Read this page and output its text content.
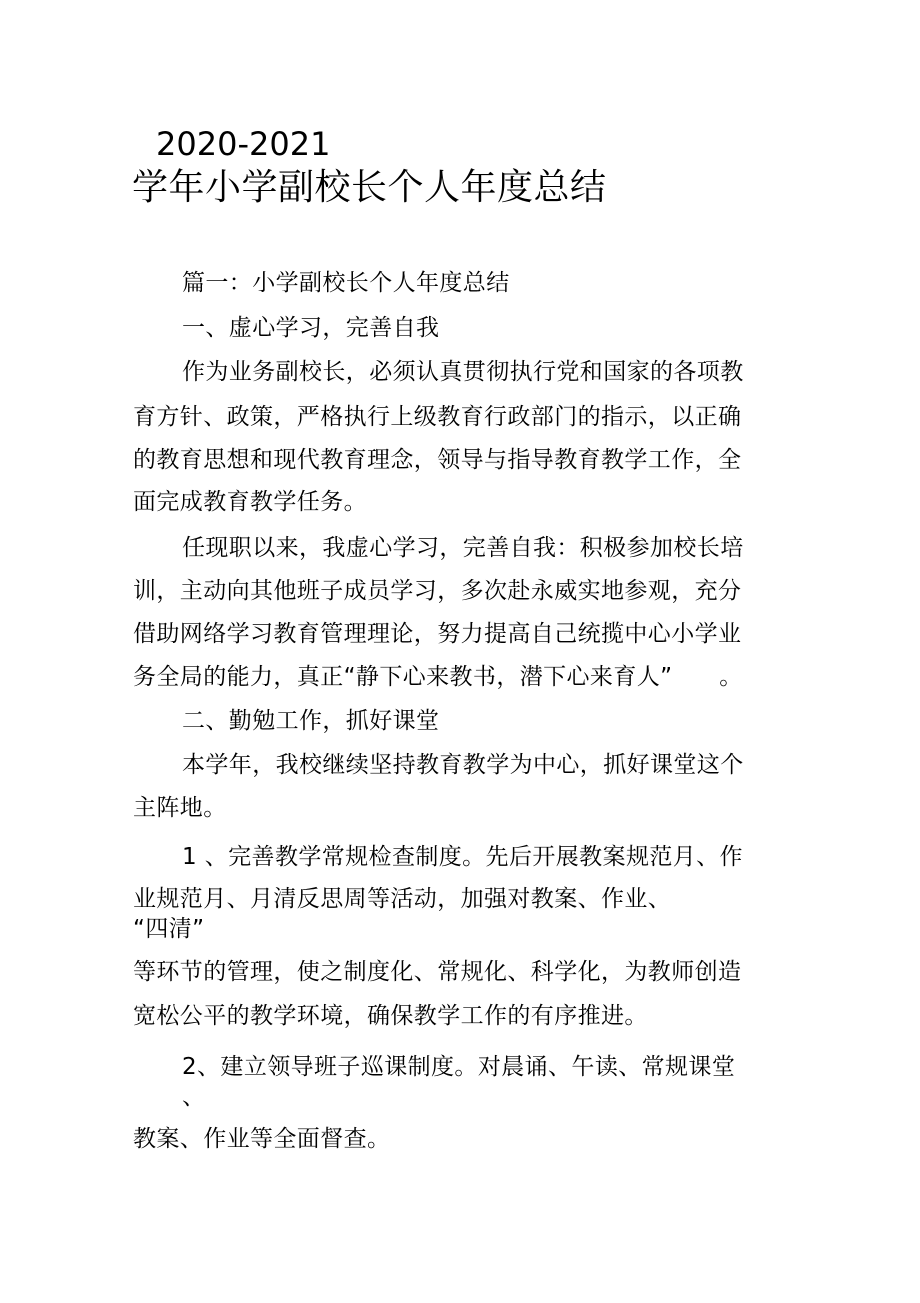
2020-2021
学年小学副校长个人年度总结
篇一：小学副校长个人年度总结
一、虚心学习，完善自我
作为业务副校长，必须认真贯彻执行党和国家的各项教
育方针、政策，严格执行上级教育行政部门的指示，以正确
的教育思想和现代教育理念，领导与指导教育教学工作，全
面完成教育教学任务。
任现职以来，我虚心学习，完善自我：积极参加校长培
训，主动向其他班子成员学习，多次赴永威实地参观，充分
借助网络学习教育管理理论，努力提高自己统揽中心小学业
务全局的能力，真正“静下心来教书，潜下心来育人”　　。
二、勤勉工作，抓好课堂
本学年，我校继续坚持教育教学为中心，抓好课堂这个
主阵地。
1 、完善教学常规检查制度。先后开展教案规范月、作
业规范月、月清反思周等活动，加强对教案、作业、
“四清”
等环节的管理，使之制度化、常规化、科学化，为教师创造
宽松公平的教学环境，确保教学工作的有序推进。
2、建立领导班子巡课制度。对晨诵、午读、常规课堂
、
教案、作业等全面督查。
